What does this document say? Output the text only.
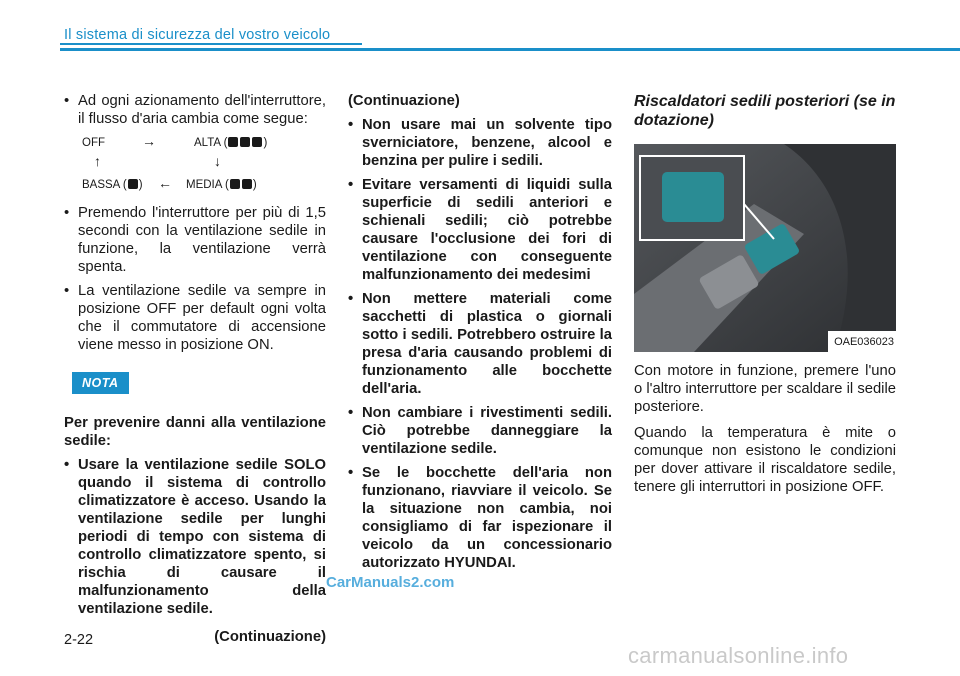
Il sistema di sicurezza del vostro veicolo
• Ad ogni azionamento dell'interruttore, il flusso d'aria cambia come segue:
OFF	→	ALTA (	)
↑	↓
BASSA ( ) ← MEDIA ( )
• Premendo l'interruttore per più di 1,5 secondi con la ventilazione sedile in funzione, la ventilazione verrà spenta.
• La ventilazione sedile va sempre in posizione OFF per default ogni volta che il commutatore di accensione viene messo in posizione ON.
NOTA

Per prevenire danni alla ventilazione sedile:

• Usare la ventilazione sedile SOLO quando il sistema di controllo climatizzatore è acceso. Usando la ventilazione sedile per lunghi periodi di tempo con sistema di controllo climatizzatore spento, si rischia di causare il malfunzionamento della ventilazione sedile.

(Continuazione)

(Continuazione)

• Non usare mai un solvente tipo sverniciatore, benzene, alcool e benzina per pulire i sedili.
• Evitare versamenti di liquidi sulla superficie di sedili anteriori e schienali sedili; ciò potrebbe causare l'occlusione dei fori di ventilazione con conseguente malfunzionamento dei medesimi
• Non mettere materiali come sacchetti di plastica o giornali sotto i sedili. Potrebbero ostruire la presa d'aria causando problemi di funzionamento alle bocchette dell'aria.
• Non cambiare i rivestimenti sedili. Ciò potrebbe danneggiare la ventilazione sedile.
• Se le bocchette dell'aria non funzionano, riavviare il veicolo. Se la situazione non cambia, noi consigliamo di far ispezionare il veicolo da un concessionario autorizzato HYUNDAI.
Riscaldatori sedili posteriori (se in dotazione)
OAE036023

Con motore in funzione, premere l'uno o l'altro interruttore per scaldare il sedile posteriore.

Quando la temperatura è mite o comunque non esistono le condizioni per dover attivare il riscaldatore sedile, tenere gli interruttori in posizione OFF.

CarManuals2.com
2-22
carmanualsonline.info
